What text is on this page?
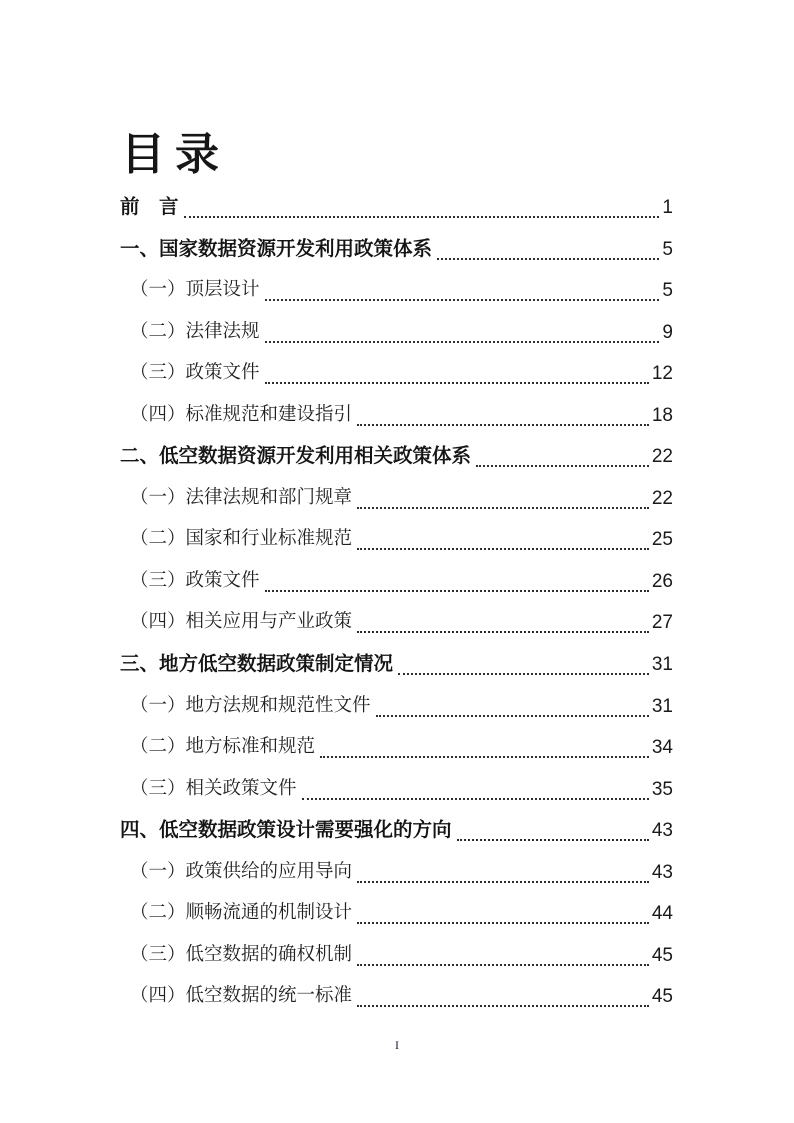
目录
前　言	1
一、国家数据资源开发利用政策体系	5
（一）顶层设计	5
（二）法律法规	9
（三）政策文件	12
（四）标准规范和建设指引	18
二、低空数据资源开发利用相关政策体系	22
（一）法律法规和部门规章	22
（二）国家和行业标准规范	25
（三）政策文件	26
（四）相关应用与产业政策	27
三、地方低空数据政策制定情况	31
（一）地方法规和规范性文件	31
（二）地方标准和规范	34
（三）相关政策文件	35
四、低空数据政策设计需要强化的方向	43
（一）政策供给的应用导向	43
（二）顺畅流通的机制设计	44
（三）低空数据的确权机制	45
（四）低空数据的统一标准	45
I
